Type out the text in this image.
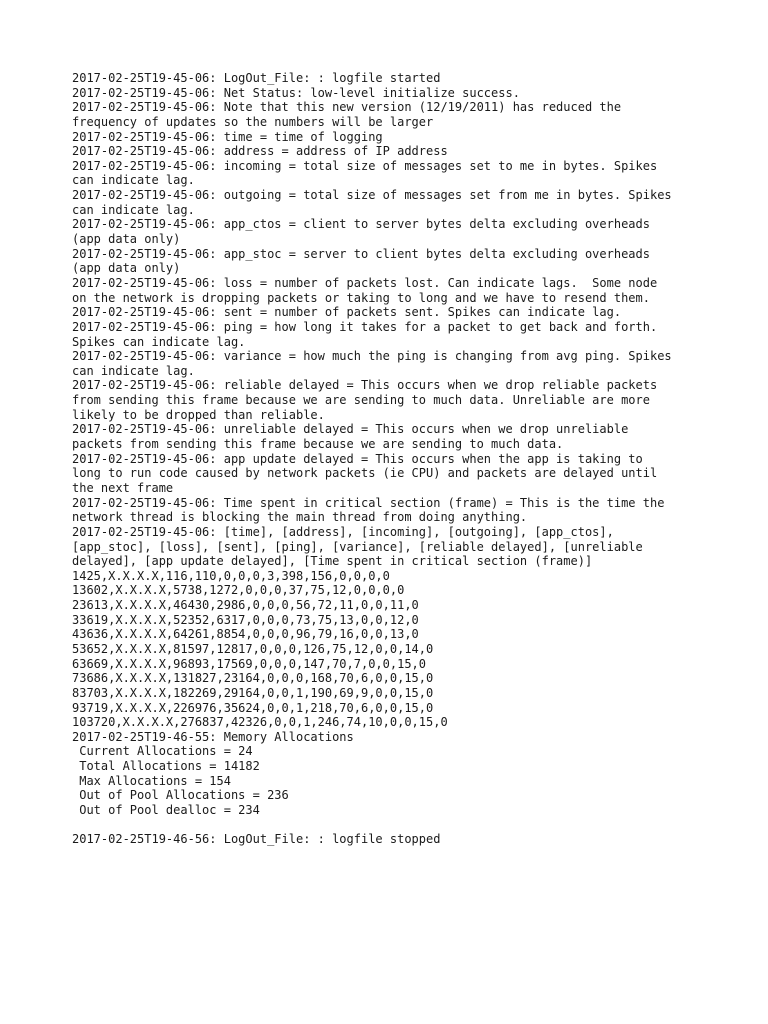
2017-02-25T19-45-06: LogOut_File: : logfile started
2017-02-25T19-45-06: Net Status: low-level initialize success.
2017-02-25T19-45-06: Note that this new version (12/19/2011) has reduced the
frequency of updates so the numbers will be larger
2017-02-25T19-45-06: time = time of logging
2017-02-25T19-45-06: address = address of IP address
2017-02-25T19-45-06: incoming = total size of messages set to me in bytes. Spikes
can indicate lag.
2017-02-25T19-45-06: outgoing = total size of messages set from me in bytes. Spikes
can indicate lag.
2017-02-25T19-45-06: app_ctos = client to server bytes delta excluding overheads
(app data only)
2017-02-25T19-45-06: app_stoc = server to client bytes delta excluding overheads
(app data only)
2017-02-25T19-45-06: loss = number of packets lost. Can indicate lags.  Some node
on the network is dropping packets or taking to long and we have to resend them.
2017-02-25T19-45-06: sent = number of packets sent. Spikes can indicate lag.
2017-02-25T19-45-06: ping = how long it takes for a packet to get back and forth.
Spikes can indicate lag.
2017-02-25T19-45-06: variance = how much the ping is changing from avg ping. Spikes
can indicate lag.
2017-02-25T19-45-06: reliable delayed = This occurs when we drop reliable packets
from sending this frame because we are sending to much data. Unreliable are more
likely to be dropped than reliable.
2017-02-25T19-45-06: unreliable delayed = This occurs when we drop unreliable
packets from sending this frame because we are sending to much data.
2017-02-25T19-45-06: app update delayed = This occurs when the app is taking to
long to run code caused by network packets (ie CPU) and packets are delayed until
the next frame
2017-02-25T19-45-06: Time spent in critical section (frame) = This is the time the
network thread is blocking the main thread from doing anything.
2017-02-25T19-45-06: [time], [address], [incoming], [outgoing], [app_ctos],
[app_stoc], [loss], [sent], [ping], [variance], [reliable delayed], [unreliable
delayed], [app update delayed], [Time spent in critical section (frame)]
1425,X.X.X.X,116,110,0,0,0,3,398,156,0,0,0,0
13602,X.X.X.X,5738,1272,0,0,0,37,75,12,0,0,0,0
23613,X.X.X.X,46430,2986,0,0,0,56,72,11,0,0,11,0
33619,X.X.X.X,52352,6317,0,0,0,73,75,13,0,0,12,0
43636,X.X.X.X,64261,8854,0,0,0,96,79,16,0,0,13,0
53652,X.X.X.X,81597,12817,0,0,0,126,75,12,0,0,14,0
63669,X.X.X.X,96893,17569,0,0,0,147,70,7,0,0,15,0
73686,X.X.X.X,131827,23164,0,0,0,168,70,6,0,0,15,0
83703,X.X.X.X,182269,29164,0,0,1,190,69,9,0,0,15,0
93719,X.X.X.X,226976,35624,0,0,1,218,70,6,0,0,15,0
103720,X.X.X.X,276837,42326,0,0,1,246,74,10,0,0,15,0
2017-02-25T19-46-55: Memory Allocations
Current Allocations = 24
Total Allocations = 14182
Max Allocations = 154
Out of Pool Allocations = 236
Out of Pool dealloc = 234
2017-02-25T19-46-56: LogOut_File: : logfile stopped
